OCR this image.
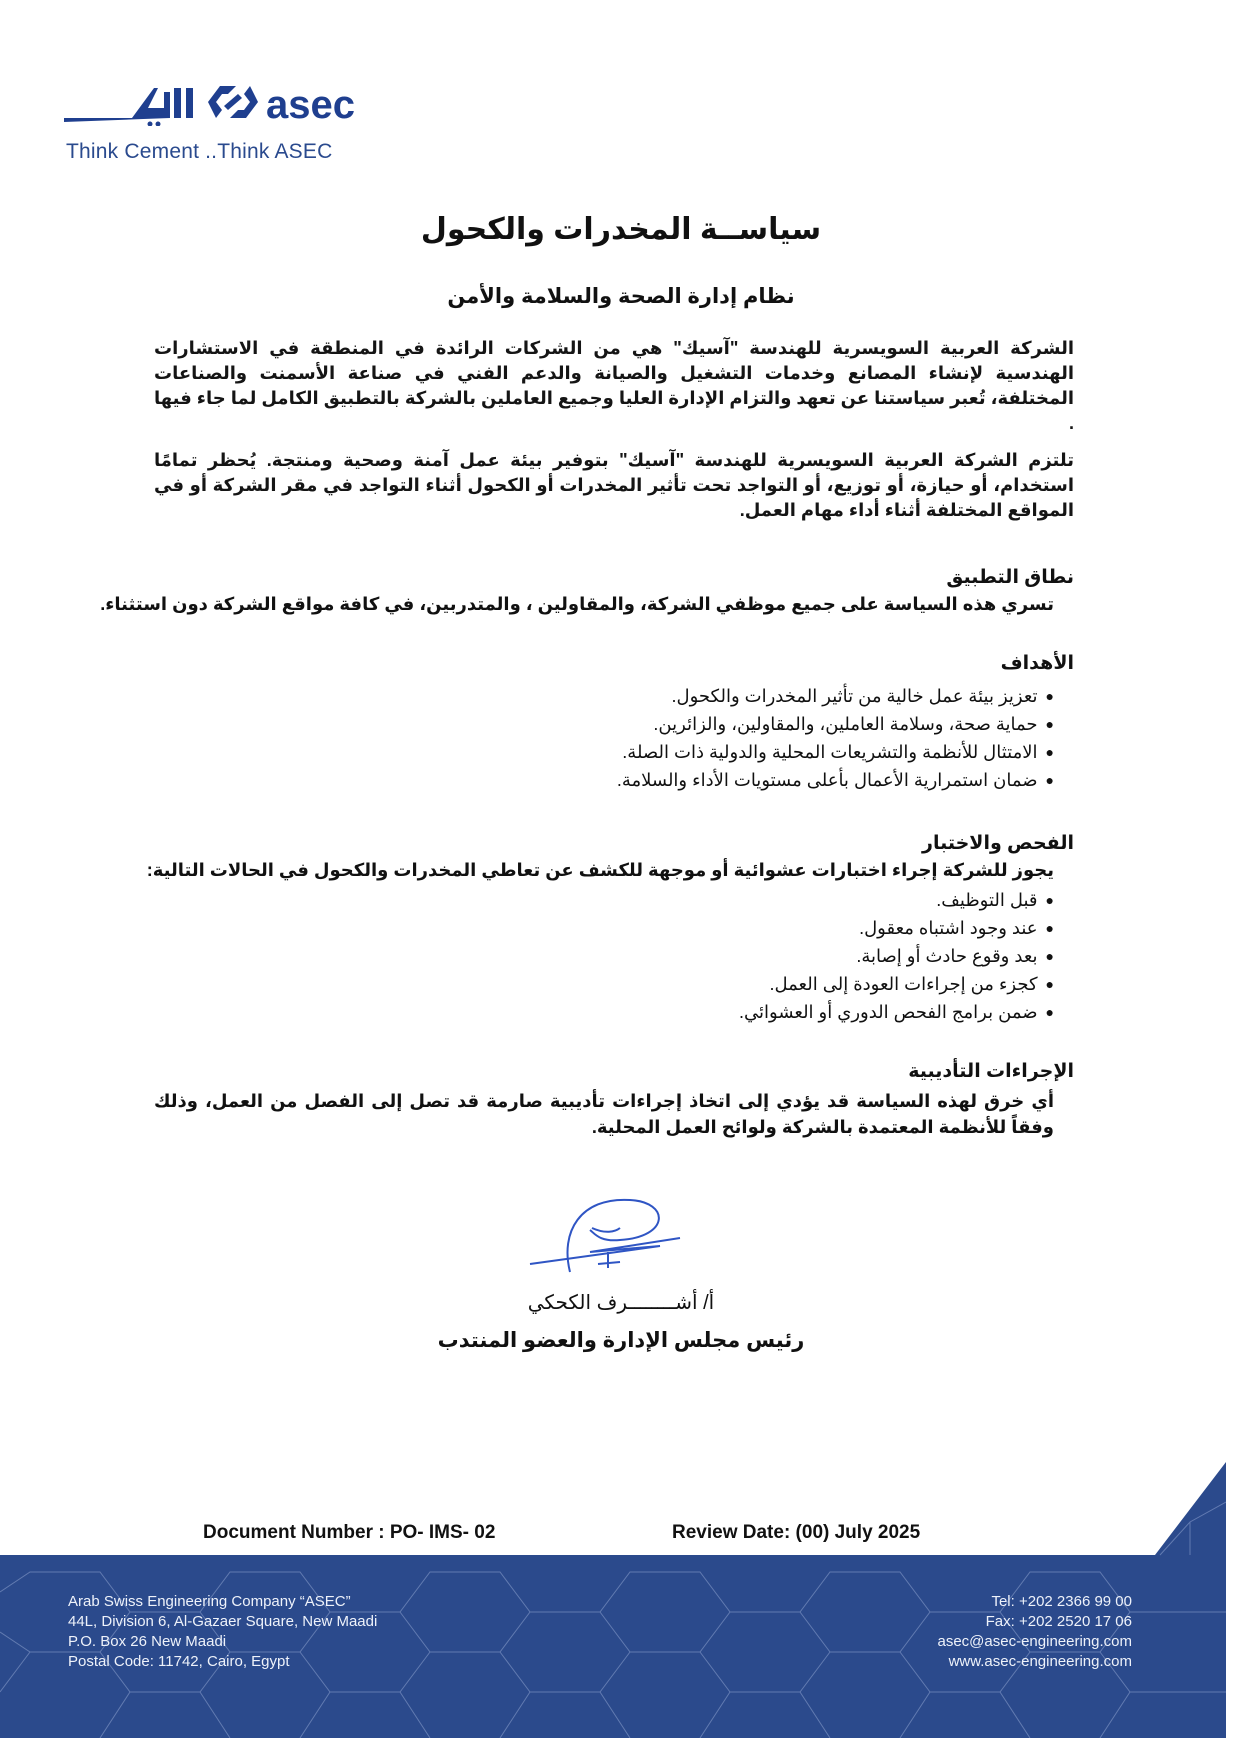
asec
Think Cement ..Think ASEC
سياســة المخدرات والكحول
نظام إدارة الصحة والسلامة والأمن
الشركة العربية السويسرية للهندسة "آسيك" هي من الشركات الرائدة في المنطقة في الاستشارات الهندسية لإنشاء المصانع وخدمات التشغيل والصيانة والدعم الفني في صناعة الأسمنت والصناعات المختلفة، تُعبر سياستنا عن تعهد والتزام الإدارة العليا وجميع العاملين بالشركة بالتطبيق الكامل لما جاء فيها .
تلتزم الشركة العربية السويسرية للهندسة "آسيك" بتوفير بيئة عمل آمنة وصحية ومنتجة. يُحظر تمامًا استخدام، أو حيازة، أو توزيع، أو التواجد تحت تأثير المخدرات أو الكحول أثناء التواجد في مقر الشركة أو في المواقع المختلفة أثناء أداء مهام العمل.
نطاق التطبيق
تسري هذه السياسة على جميع موظفي الشركة، والمقاولين ، والمتدربين، في كافة مواقع الشركة دون استثناء.
الأهداف
●
تعزيز بيئة عمل خالية من تأثير المخدرات والكحول.
●
حماية صحة، وسلامة العاملين، والمقاولين، والزائرين.
●
الامتثال للأنظمة والتشريعات المحلية والدولية ذات الصلة.
●
ضمان استمرارية الأعمال بأعلى مستويات الأداء والسلامة.
الفحص والاختبار
يجوز للشركة إجراء اختبارات عشوائية أو موجهة للكشف عن تعاطي المخدرات والكحول في الحالات التالية:
●
قبل التوظيف.
●
عند وجود اشتباه معقول.
●
بعد وقوع حادث أو إصابة.
●
كجزء من إجراءات العودة إلى العمل.
●
ضمن برامج الفحص الدوري أو العشوائي.
الإجراءات التأديبية
أي خرق لهذه السياسة قد يؤدي إلى اتخاذ إجراءات تأديبية صارمة قد تصل إلى الفصل من العمل، وذلك وفقاً للأنظمة المعتمدة بالشركة ولوائح العمل المحلية.
أ/ أشــــــــرف الكحكي
رئيس مجلس الإدارة والعضو المنتدب
Document Number : PO- IMS- 02	Review Date: (00) July 2025
Arab Swiss Engineering Company “ASEC”
44L, Division 6, Al-Gazaer Square, New Maadi
P.O. Box 26 New Maadi
Postal Code: 11742, Cairo, Egypt
Tel: +202 2366 99 00
Fax: +202 2520 17 06
asec@asec-engineering.com
www.asec-engineering.com
